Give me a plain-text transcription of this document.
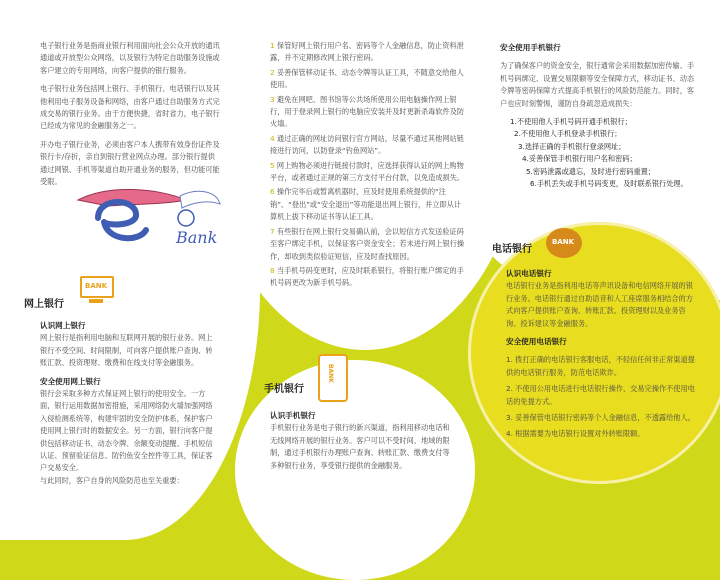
电子银行业务是指商业银行利用面向社会公众开放的通讯通道或开放型公众网络，以及银行为特定自助服务设施或客户建立的专用网络，向客户提供的银行服务。

电子银行业务包括网上银行、手机银行、电话银行以及其他利用电子服务设备和网络，由客户通过自助服务方式完成交易的银行业务。由于方便快捷，省时省力，电子银行已经成为常见的金融服务之一。

开办电子银行业务，必须由客户本人携带有效身份证件及银行卡/存折，亲自到银行营业网点办理。部分银行提供通过网银、手机等渠道自助开通业务的服务，但功能可能受限。

Bank
BANK
网上银行
认识网上银行

网上银行是指利用电脑和互联网开展的银行业务。网上银行不受空间、时间限制，可向客户提供账户查询、转账汇款、投资理财、缴费和在线支付等金融服务。

安全使用网上银行

银行会采取多种方式保证网上银行的使用安全。一方面，银行运用数据加密措施，采用网络防火墙加强网络入侵检测系统等，构建牢固的安全防护体系，保护客户使用网上银行时的数据安全。另一方面，银行向客户提供包括移动证书、动态令牌、余额变动提醒、手机短信认证、预留验证信息、防钓鱼安全控件等工具，保证客户交易安全。

与此同时，客户自身的风险防范也至关重要：

1 保管好网上银行用户名、密码等个人金融信息，防止资料泄露，并不定期修改网上银行密码。
2 妥善保管移动证书、动态令牌等认证工具，不随意交给他人使用。
3 避免在网吧、图书馆等公共场所使用公用电脑操作网上银行，用于登录网上银行的电脑应安装并及时更新杀毒软件及防火墙。
4 通过正确的网址访问银行官方网站，尽量不通过其他网站链接进行访问，以防登录“钓鱼网站”。
5 网上购物必须进行链接付款时，应选择获得认证的网上购物平台，或者通过正规的第三方支付平台付款，以免造成损失。
6 操作完毕后或暂离机器时，应及时使用系统提供的“注销”、“登出”或“安全退出”等功能退出网上银行，并立即从计算机上拔下移动证书等认证工具。
7 有些银行在网上银行交易确认前，会以短信方式发送验证码至客户绑定手机，以保证客户资金安全；若未进行网上银行操作，却收到类似验证短信，应及时查找原因。
8 当手机号码变更时，应及时联系银行，将银行账户绑定的手机号码更改为新手机号码。
安全使用手机银行

为了确保客户的资金安全，银行通常会采用数据加密传输、手机号码绑定、设置交易限额等安全保障方式，移动证书、动态令牌等密码保障方式提高手机银行的风险防范能力。同时，客户也应时刻警惕，谨防自身疏忽造成损失：

1.不使用他人手机号码开通手机银行；
2.不使用他人手机登录手机银行；
3.选择正确的手机银行登录网址；
4.妥善保管手机银行用户名和密码；
5.密码泄露或遗忘，及时进行密码重置；
6.手机丢失或手机号码变更，及时联系银行处理。
BANK
电话银行
认识电话银行

电话银行业务是指利用电话等声讯设备和电信网络开展的银行业务。电话银行通过自助语音和人工座席服务相结合的方式向客户提供账户查询、转账汇款、投资理财以及业务咨询、投诉建议等金融服务。

安全使用电话银行

1. 拨打正确的电话银行客服电话，不轻信任何非正常渠道提供的电话银行服务，防范电话欺诈。

2. 不使用公用电话进行电话银行操作，交易完操作不使用电话的免提方式。

3. 妥善保管电话银行密码等个人金融信息，不透露给他人。

4. 根据需要为电话银行设置对外转账限额。

BANK
手机银行
认识手机银行

手机银行业务是电子银行的新兴渠道，指利用移动电话和无线网络开展的银行业务。客户可以不受时间、地域的限制，通过手机银行办理账户查询、转账汇款、缴费支付等多种银行业务，享受银行提供的金融服务。
